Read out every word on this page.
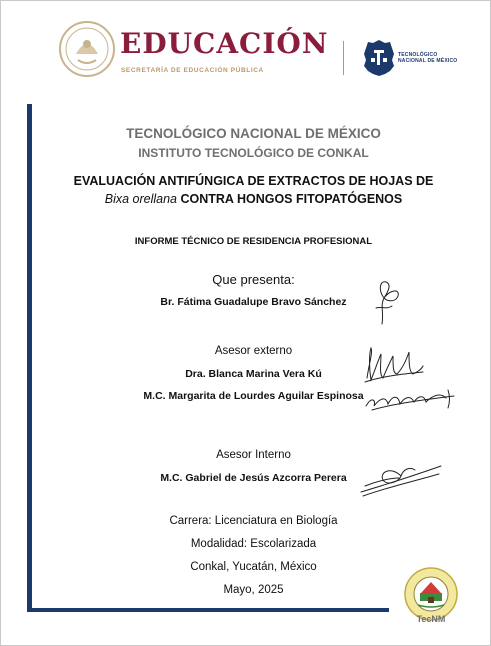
EDUCACIÓN
SECRETARÍA DE EDUCACIÓN PÚBLICA
TECNOLÓGICO
NACIONAL DE MÉXICO

TECNOLÓGICO NACIONAL DE MÉXICO

INSTITUTO TECNOLÓGICO DE CONKAL

EVALUACIÓN ANTIFÚNGICA DE EXTRACTOS DE HOJAS DE

Bixa orellana CONTRA HONGOS FITOPATÓGENOS

INFORME TÉCNICO DE RESIDENCIA PROFESIONAL

Que presenta:

Br. Fátima Guadalupe Bravo Sánchez

Asesor externo

Dra. Blanca Marina Vera Kú

M.C. Margarita de Lourdes Aguilar Espinosa

Asesor Interno

M.C. Gabriel de Jesús Azcorra Perera

Carrera: Licenciatura en Biología

Modalidad: Escolarizada

Conkal, Yucatán, México

Mayo, 2025

TecNM
